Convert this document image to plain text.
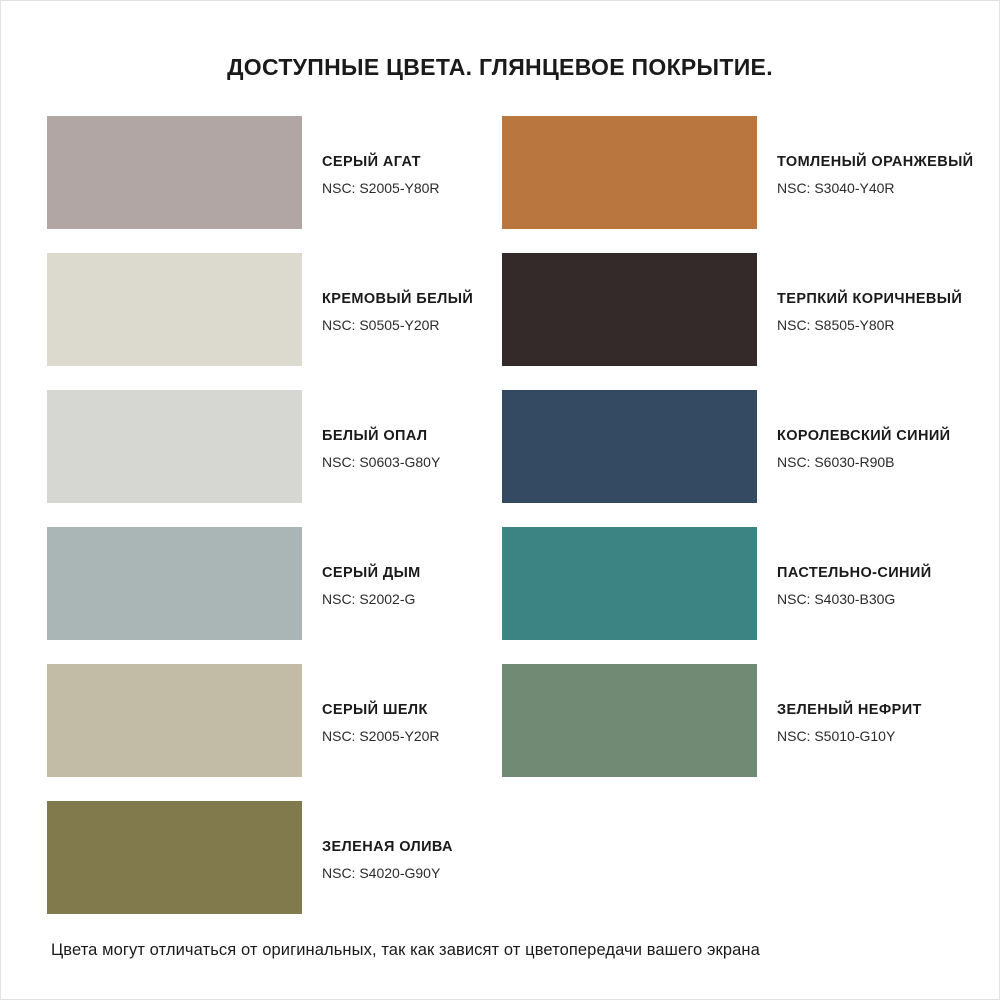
ДОСТУПНЫЕ ЦВЕТА. ГЛЯНЦЕВОЕ ПОКРЫТИЕ.
СЕРЫЙ АГАТ
NSC: S2005-Y80R
ТОМЛЕНЫЙ ОРАНЖЕВЫЙ
NSC: S3040-Y40R
КРЕМОВЫЙ БЕЛЫЙ
NSC: S0505-Y20R
ТЕРПКИЙ КОРИЧНЕВЫЙ
NSC: S8505-Y80R
БЕЛЫЙ ОПАЛ
NSC: S0603-G80Y
КОРОЛЕВСКИЙ СИНИЙ
NSC: S6030-R90B
СЕРЫЙ ДЫМ
NSC: S2002-G
ПАСТЕЛЬНО-СИНИЙ
NSC: S4030-B30G
СЕРЫЙ ШЕЛК
NSC: S2005-Y20R
ЗЕЛЕНЫЙ НЕФРИТ
NSC: S5010-G10Y
ЗЕЛЕНАЯ ОЛИВА
NSC: S4020-G90Y
Цвета могут отличаться от оригинальных, так как зависят от цветопередачи вашего экрана
